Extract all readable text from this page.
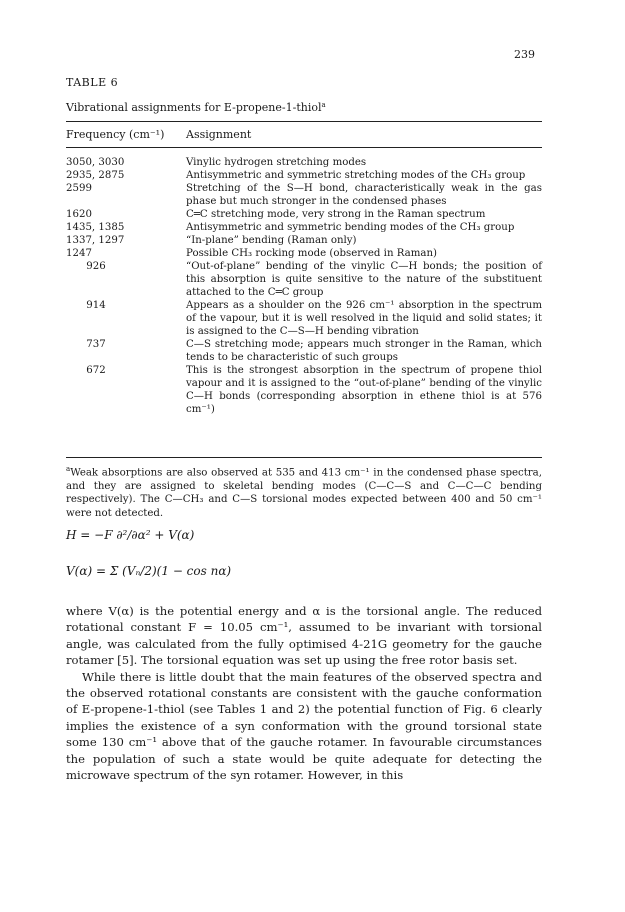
239
TABLE 6
Vibrational assignments for E-propene-1-thiol$^a$
Frequency (cm⁻¹) Assignment
3050, 3030	Vinylic hydrogen stretching modes
2935, 2875	Antisymmetric and symmetric stretching modes of the CH₃ group
2599	Stretching of the S—H bond, characteristically weak in the gas phase but much stronger in the condensed phases
1620	C═C stretching mode, very strong in the Raman spectrum
1435, 1385	Antisymmetric and symmetric bending modes of the CH₃ group
1337, 1297	“In-plane” bending (Raman only)
1247	Possible CH₃ rocking mode (observed in Raman)
926	“Out-of-plane” bending of the vinylic C—H bonds; the position of this absorption is quite sensitive to the nature of the substituent attached to the C═C group
914	Appears as a shoulder on the 926 cm⁻¹ absorption in the spectrum of the vapour, but it is well resolved in the liquid and solid states; it is assigned to the C—S—H bending vibration
737	C—S stretching mode; appears much stronger in the Raman, which tends to be characteristic of such groups
672	This is the strongest absorption in the spectrum of propene thiol vapour and it is assigned to the “out-of-plane” bending of the vinylic C—H bonds (corresponding absorption in ethene thiol is at 576 cm⁻¹)
$^a$Weak absorptions are also observed at 535 and 413 cm⁻¹ in the condensed phase spectra, and they are assigned to skeletal bending modes (C—C—S and C—C—C bending respectively). The C—CH₃ and C—S torsional modes expected between 400 and 50 cm⁻¹ were not detected.
H = −F ∂²/∂α² + V(α)
V(α) = Σ (Vₙ/2)(1 − cos nα)

where V(α) is the potential energy and α is the torsional angle. The reduced rotational constant F = 10.05 cm⁻¹, assumed to be invariant with torsional angle, was calculated from the fully optimised 4-21G geometry for the gauche rotamer [5]. The torsional equation was set up using the free rotor basis set.

While there is little doubt that the main features of the observed spectra and the observed rotational constants are consistent with the gauche conformation of E-propene-1-thiol (see Tables 1 and 2) the potential function of Fig. 6 clearly implies the existence of a syn conformation with the ground torsional state some 130 cm⁻¹ above that of the gauche rotamer. In favourable circumstances the population of such a state would be quite adequate for detecting the microwave spectrum of the syn rotamer. However, in this
